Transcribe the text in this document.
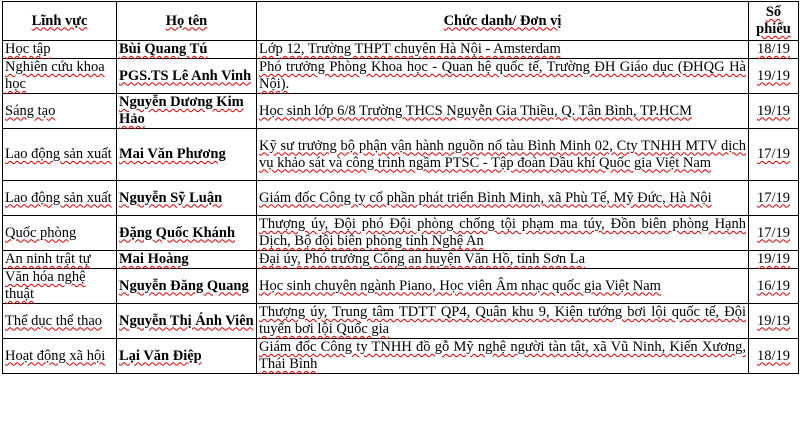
Lĩnh vực	Họ tên	Chức danh/ Đơn vị	Số phiếu
Học tập	Bùi Quang Tú	Lớp 12, Trường THPT chuyên Hà Nội - Amsterdam	18/19
Nghiên cứu khoa học	PGS.TS Lê Anh Vinh	Phó trưởng Phòng Khoa học - Quan hệ quốc tế, Trường ĐH Giáo dục (ĐHQG Hà Nội).	19/19
Sáng tạo	Nguyễn Dương Kim Hảo	Học sinh lớp 6/8 Trường THCS Nguyễn Gia Thiều, Q. Tân Bình, TP.HCM	19/19
Lao động sản xuất	Mai Văn Phương	Kỹ sư trưởng bộ phận vận hành nguồn nổ tàu Bình Minh 02, Cty TNHH MTV dịch vụ khảo sát và công trình ngầm PTSC - Tập đoàn Dầu khí Quốc gia Việt Nam	17/19
Lao động sản xuất	Nguyễn Sỹ Luận	Giám đốc Công ty cổ phần phát triển Bình Minh, xã Phù Tế, Mỹ Đức, Hà Nội	17/19
Quốc phòng	Đặng Quốc Khánh	Thượng úy, Đội phó Đội phòng chống tội phạm ma túy, Đồn biên phòng Hạnh Dịch, Bộ đội biên phòng tỉnh Nghệ An	17/19
An ninh trật tự	Mai Hoàng	Đại úy, Phó trưởng Công an huyện Văn Hồ, tỉnh Sơn La	19/19
Văn hóa nghệ thuật	Nguyễn Đăng Quang	Học sinh chuyên ngành Piano, Học viên Âm nhạc quốc gia Việt Nam	16/19
Thể dục thể thao	Nguyễn Thị Ánh Viên	Thượng úy, Trung tâm TDTT QP4, Quân khu 9, Kiện tướng bơi lội quốc tế, Đội tuyển bơi lội Quốc gia	19/19
Hoạt động xã hội	Lại Văn Điệp	Giám đốc Công ty TNHH đồ gỗ Mỹ nghệ người tàn tật, xã Vũ Ninh, Kiến Xương, Thái Bình	18/19
